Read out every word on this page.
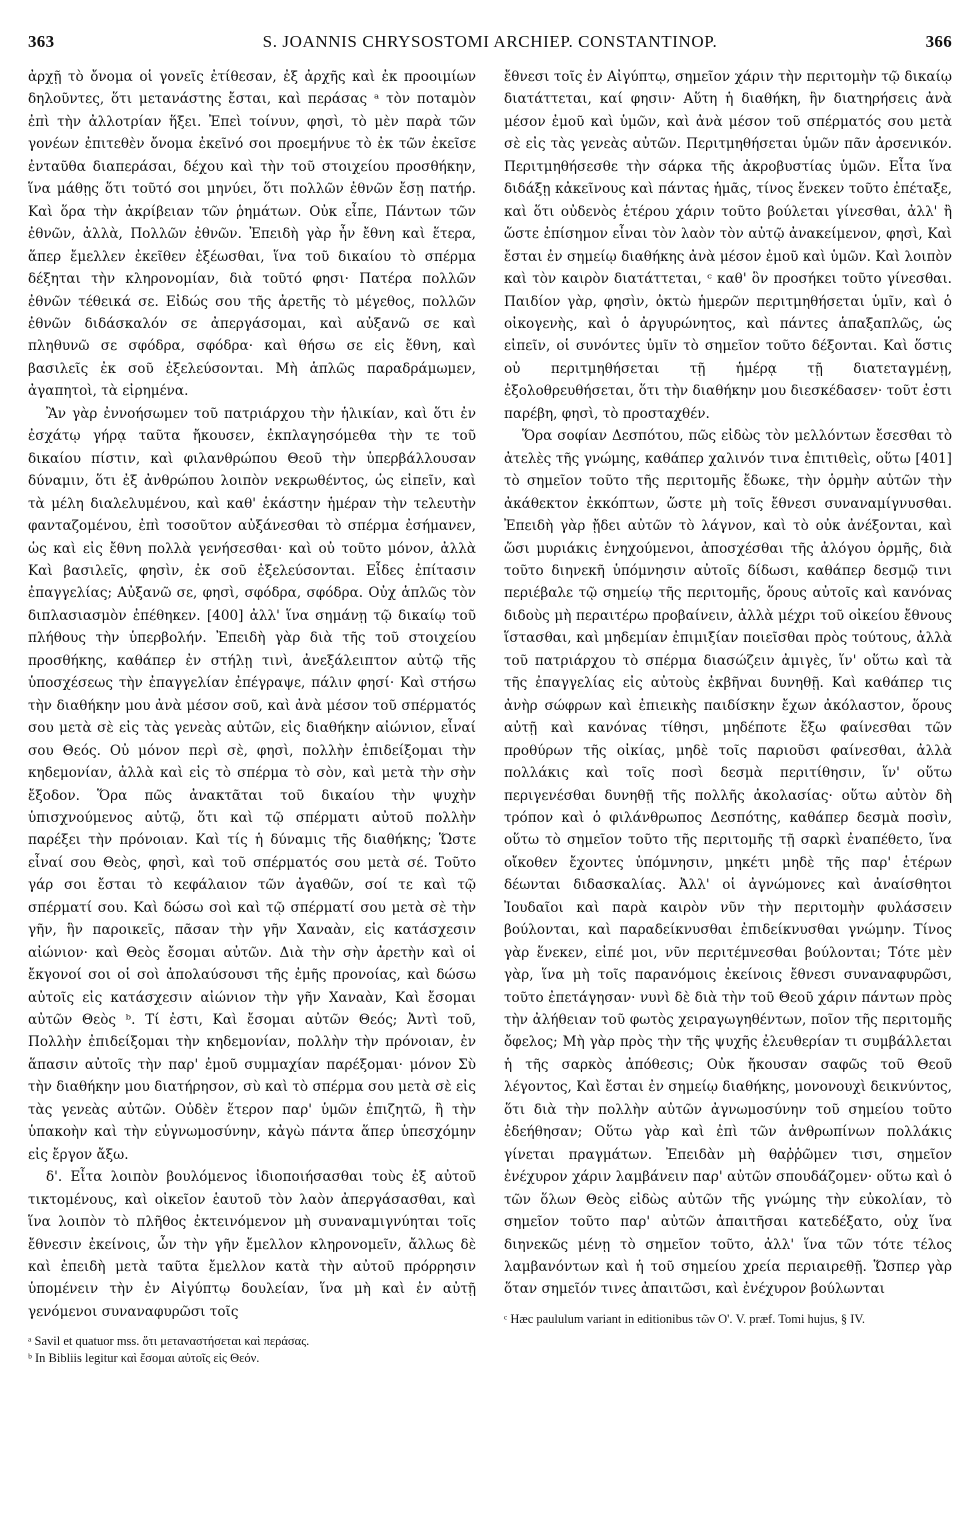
363	S. JOANNIS CHRYSOSTOMI ARCHIEP. CONSTANTINOP.	366

ἀρχῇ τὸ ὄνομα οἱ γονεῖς ἐτίθεσαν, ἐξ ἀρχῆς καὶ ἐκ προοιμίων δηλοῦντες, ὅτι μετανάστης ἔσται, καὶ περάσας ᵃ τὸν ποταμὸν ἐπὶ τὴν ἀλλοτρίαν ἥξει. Ἐπεὶ τοίνυν, φησὶ, τὸ μὲν παρὰ τῶν γονέων ἐπιτεθὲν ὄνομα ἐκεῖνό σοι προεμήνυε τὸ ἐκ τῶν ἐκεῖσε ἐνταῦθα διαπεράσαι, δέχου καὶ τὴν τοῦ στοιχείου προσθήκην, ἵνα μάθῃς ὅτι τοῦτό σοι μηνύει, ὅτι πολλῶν ἐθνῶν ἔσῃ πατήρ. Καὶ ὅρα τὴν ἀκρίβειαν τῶν ῥημάτων. Οὐκ εἶπε, Πάντων τῶν ἐθνῶν, ἀλλὰ, Πολλῶν ἐθνῶν. Ἐπειδὴ γὰρ ἦν ἔθνη καὶ ἕτερα, ἅπερ ἔμελλεν ἐκεῖθεν ἐξέωσθαι, ἵνα τοῦ δικαίου τὸ σπέρμα δέξηται τὴν κληρονομίαν, διὰ τοῦτό φησι· Πατέρα πολλῶν ἐθνῶν τέθεικά σε. Εἰδώς σου τῆς ἀρετῆς τὸ μέγεθος, πολλῶν ἐθνῶν διδάσκαλόν σε ἀπεργάσομαι, καὶ αὐξανῶ σε καὶ πληθυνῶ σε σφόδρα, σφόδρα· καὶ θήσω σε εἰς ἔθνη, καὶ βασιλεῖς ἐκ σοῦ ἐξελεύσονται. Μὴ ἁπλῶς παραδράμωμεν, ἀγαπητοὶ, τὰ εἰρημένα.

Ἂν γὰρ ἐννοήσωμεν τοῦ πατριάρχου τὴν ἡλικίαν, καὶ ὅτι ἐν ἐσχάτῳ γήρᾳ ταῦτα ἤκουσεν, ἐκπλαγησόμεθα τὴν τε τοῦ δικαίου πίστιν, καὶ φιλανθρώπου Θεοῦ τὴν ὑπερβάλλουσαν δύναμιν, ὅτι ἐξ ἀνθρώπου λοιπὸν νεκρωθέντος, ὡς εἰπεῖν, καὶ τὰ μέλη διαλελυμένου, καὶ καθ' ἑκάστην ἡμέραν τὴν τελευτὴν φανταζομένου, ἐπὶ τοσοῦτον αὐξάνεσθαι τὸ σπέρμα ἐσήμανεν, ὡς καὶ εἰς ἔθνη πολλὰ γενήσεσθαι· καὶ οὐ τοῦτο μόνον, ἀλλὰ Καὶ βασιλεῖς, φησὶν, ἐκ σοῦ ἐξελεύσονται. Εἶδες ἐπίτασιν ἐπαγγελίας; Αὐξανῶ σε, φησὶ, σφόδρα, σφόδρα. Οὐχ ἁπλῶς τὸν διπλασιασμὸν ἐπέθηκεν. [400] ἀλλ' ἵνα σημάνῃ τῷ δικαίῳ τοῦ πλήθους τὴν ὑπερβολήν. Ἐπειδὴ γὰρ διὰ τῆς τοῦ στοιχείου προσθήκης, καθάπερ ἐν στήλῃ τινὶ, ἀνεξάλειπτον αὐτῷ τῆς ὑποσχέσεως τὴν ἐπαγγελίαν ἐπέγραψε, πάλιν φησί· Καὶ στήσω τὴν διαθήκην μου ἀνὰ μέσον σοῦ, καὶ ἀνὰ μέσον τοῦ σπέρματός σου μετὰ σὲ εἰς τὰς γενεὰς αὐτῶν, εἰς διαθήκην αἰώνιον, εἶναί σου Θεός. Οὐ μόνον περὶ σὲ, φησὶ, πολλὴν ἐπιδείξομαι τὴν κηδεμονίαν, ἀλλὰ καὶ εἰς τὸ σπέρμα τὸ σὸν, καὶ μετὰ τὴν σὴν ἔξοδον. Ὅρα πῶς ἀνακτᾶται τοῦ δικαίου τὴν ψυχὴν ὑπισχνούμενος αὐτῷ, ὅτι καὶ τῷ σπέρματι αὐτοῦ πολλὴν παρέξει τὴν πρόνοιαν. Καὶ τίς ἡ δύναμις τῆς διαθήκης; Ὥστε εἶναί σου Θεὸς, φησὶ, καὶ τοῦ σπέρματός σου μετὰ σέ. Τοῦτο γάρ σοι ἔσται τὸ κεφάλαιον τῶν ἀγαθῶν, σοί τε καὶ τῷ σπέρματί σου. Καὶ δώσω σοὶ καὶ τῷ σπέρματί σου μετὰ σὲ τὴν γῆν, ἣν παροικεῖς, πᾶσαν τὴν γῆν Χαναὰν, εἰς κατάσχεσιν αἰώνιον· καὶ Θεὸς ἔσομαι αὐτῶν. Διὰ τὴν σὴν ἀρετὴν καὶ οἱ ἔκγονοί σοι οἱ σοὶ ἀπολαύσουσι τῆς ἐμῆς προνοίας, καὶ δώσω αὐτοῖς εἰς κατάσχεσιν αἰώνιον τὴν γῆν Χαναὰν, Καὶ ἔσομαι αὐτῶν Θεὸς ᵇ. Τί ἐστι, Καὶ ἔσομαι αὐτῶν Θεός; Ἀντὶ τοῦ, Πολλὴν ἐπιδείξομαι τὴν κηδεμονίαν, πολλὴν τὴν πρόνοιαν, ἐν ἅπασιν αὐτοῖς τὴν παρ' ἐμοῦ συμμαχίαν παρέξομαι· μόνον Σὺ τὴν διαθήκην μου διατήρησον, σὺ καὶ τὸ σπέρμα σου μετὰ σὲ εἰς τὰς γενεὰς αὐτῶν. Οὐδὲν ἕτερον παρ' ὑμῶν ἐπιζητῶ, ἢ τὴν ὑπακοὴν καὶ τὴν εὐγνωμοσύνην, κἀγὼ πάντα ἅπερ ὑπεσχόμην εἰς ἔργον ἄξω.

δ'. Εἶτα λοιπὸν βουλόμενος ἰδιοποιήσασθαι τοὺς ἐξ αὐτοῦ τικτομένους, καὶ οἰκεῖον ἑαυτοῦ τὸν λαὸν ἀπεργάσασθαι, καὶ ἵνα λοιπὸν τὸ πλῆθος ἐκτεινόμενον μὴ συναναμιγνύηται τοῖς ἔθνεσιν ἐκείνοις, ὧν τὴν γῆν ἔμελλον κληρονομεῖν, ἄλλως δὲ καὶ ἐπειδὴ μετὰ ταῦτα ἔμελλον κατὰ τὴν αὐτοῦ πρόρρησιν ὑπομένειν τὴν ἐν Αἰγύπτῳ δουλείαν, ἵνα μὴ καὶ ἐν αὐτῇ γενόμενοι συναναφυρῶσι τοῖς

ᵃ Savil et quatuor mss. ὅτι μεταναστήσεται καὶ περάσας.
ᵇ In Bibliis legitur καὶ ἔσομαι αὐτοῖς εἰς Θεόν.

ἔθνεσι τοῖς ἐν Αἰγύπτῳ, σημεῖον χάριν τὴν περιτομὴν τῷ δικαίῳ διατάττεται, καί φησιν· Αὕτη ἡ διαθήκη, ἣν διατηρήσεις ἀνὰ μέσον ἐμοῦ καὶ ὑμῶν, καὶ ἀνὰ μέσον τοῦ σπέρματός σου μετὰ σὲ εἰς τὰς γενεὰς αὐτῶν. Περιτμηθήσεται ὑμῶν πᾶν ἀρσενικόν. Περιτμηθήσεσθε τὴν σάρκα τῆς ἀκροβυστίας ὑμῶν. Εἶτα ἵνα διδάξῃ κἀκεῖνους καὶ πάντας ἡμᾶς, τίνος ἕνεκεν τοῦτο ἐπέταξε, καὶ ὅτι οὐδενὸς ἑτέρου χάριν τοῦτο βούλεται γίνεσθαι, ἀλλ' ἢ ὥστε ἐπίσημον εἶναι τὸν λαὸν τὸν αὐτῷ ἀνακείμενον, φησὶ, Καὶ ἔσται ἐν σημείῳ διαθήκης ἀνὰ μέσον ἐμοῦ καὶ ὑμῶν. Καὶ λοιπὸν καὶ τὸν καιρὸν διατάττεται, ᶜ καθ' ὃν προσήκει τοῦτο γίνεσθαι. Παιδίον γὰρ, φησὶν, ὀκτὼ ἡμερῶν περιτμηθήσεται ὑμῖν, καὶ ὁ οἰκογενὴς, καὶ ὁ ἀργυρώνητος, καὶ πάντες ἁπαξαπλῶς, ὡς εἰπεῖν, οἱ συνόντες ὑμῖν τὸ σημεῖον τοῦτο δέξονται. Καὶ ὅστις οὐ περιτμηθήσεται τῇ ἡμέρᾳ τῇ διατεταγμένῃ, ἐξολοθρευθήσεται, ὅτι τὴν διαθήκην μου διεσκέδασεν· τοῦτ ἐστι παρέβη, φησὶ, τὸ προσταχθέν.

Ὅρα σοφίαν Δεσπότου, πῶς εἰδὼς τὸν μελλόντων ἔσεσθαι τὸ ἀτελὲς τῆς γνώμης, καθάπερ χαλινόν τινα ἐπιτιθεὶς, οὕτω [401] τὸ σημεῖον τοῦτο τῆς περιτομῆς ἔδωκε, τὴν ὁρμὴν αὐτῶν τὴν ἀκάθεκτον ἐκκόπτων, ὥστε μὴ τοῖς ἔθνεσι συναναμίγνυσθαι. Ἐπειδὴ γὰρ ᾔδει αὐτῶν τὸ λάγνον, καὶ τὸ οὐκ ἀνέξονται, καὶ ὥσι μυριάκις ἐνηχούμενοι, ἀποσχέσθαι τῆς ἀλόγου ὁρμῆς, διὰ τοῦτο διηνεκῆ ὑπόμνησιν αὐτοῖς δίδωσι, καθάπερ δεσμῷ τινι περιέβαλε τῷ σημείῳ τῆς περιτομῆς, ὅρους αὐτοῖς καὶ κανόνας διδοὺς μὴ περαιτέρω προβαίνειν, ἀλλὰ μέχρι τοῦ οἰκείου ἔθνους ἵστασθαι, καὶ μηδεμίαν ἐπιμιξίαν ποιεῖσθαι πρὸς τούτους, ἀλλὰ τοῦ πατριάρχου τὸ σπέρμα διασώζειν ἀμιγὲς, ἵν' οὕτω καὶ τὰ τῆς ἐπαγγελίας εἰς αὐτοὺς ἐκβῆναι δυνηθῇ. Καὶ καθάπερ τις ἀνὴρ σώφρων καὶ ἐπιεικὴς παιδίσκην ἔχων ἀκόλαστον, ὅρους αὐτῇ καὶ κανόνας τίθησι, μηδέποτε ἔξω φαίνεσθαι τῶν προθύρων τῆς οἰκίας, μηδὲ τοῖς παριοῦσι φαίνεσθαι, ἀλλὰ πολλάκις καὶ τοῖς ποσὶ δεσμὰ περιτίθησιν, ἵν' οὕτω περιγενέσθαι δυνηθῇ τῆς πολλῆς ἀκολασίας· οὕτω αὐτὸν δὴ τρόπον καὶ ὁ φιλάνθρωπος Δεσπότης, καθάπερ δεσμὰ ποσὶν, οὕτω τὸ σημεῖον τοῦτο τῆς περιτομῆς τῇ σαρκὶ ἐναπέθετο, ἵνα οἴκοθεν ἔχοντες ὑπόμνησιν, μηκέτι μηδὲ τῆς παρ' ἑτέρων δέωνται διδασκαλίας. Ἀλλ' οἱ ἀγνώμονες καὶ ἀναίσθητοι Ἰουδαῖοι καὶ παρὰ καιρὸν νῦν τὴν περιτομὴν φυλάσσειν βούλονται, καὶ παραδείκνυσθαι ἐπιδείκνυσθαι γνώμην. Τίνος γὰρ ἕνεκεν, εἰπέ μοι, νῦν περιτέμνεσθαι βούλονται; Τότε μὲν γὰρ, ἵνα μὴ τοῖς παρανόμοις ἐκείνοις ἔθνεσι συναναφυρῶσι, τοῦτο ἐπετάγησαν· νυνὶ δὲ διὰ τὴν τοῦ Θεοῦ χάριν πάντων πρὸς τὴν ἀλήθειαν τοῦ φωτὸς χειραγωγηθέντων, ποῖον τῆς περιτομῆς ὄφελος; Μὴ γὰρ πρὸς τὴν τῆς ψυχῆς ἐλευθερίαν τι συμβάλλεται ἡ τῆς σαρκὸς ἀπόθεσις; Οὐκ ἤκουσαν σαφῶς τοῦ Θεοῦ λέγοντος, Καὶ ἔσται ἐν σημείῳ διαθήκης, μονονουχὶ δεικνύντος, ὅτι διὰ τὴν πολλὴν αὐτῶν ἀγνωμοσύνην τοῦ σημείου τοῦτο ἐδεήθησαν; Οὕτω γὰρ καὶ ἐπὶ τῶν ἀνθρωπίνων πολλάκις γίνεται πραγμάτων. Ἐπειδὰν μὴ θαῤῥῶμεν τισι, σημεῖον ἐνέχυρον χάριν λαμβάνειν παρ' αὐτῶν σπουδάζομεν· οὕτω καὶ ὁ τῶν ὅλων Θεὸς εἰδὼς αὐτῶν τῆς γνώμης τὴν εὐκολίαν, τὸ σημεῖον τοῦτο παρ' αὐτῶν ἀπαιτῆσαι κατεδέξατο, οὐχ ἵνα διηνεκῶς μένῃ τὸ σημεῖον τοῦτο, ἀλλ' ἵνα τῶν τότε τέλος λαμβανόντων καὶ ἡ τοῦ σημείου χρεία περιαιρεθῇ. Ὥσπερ γὰρ ὅταν σημεῖόν τινες ἀπαιτῶσι, καὶ ἐνέχυρον βούλωνται

ᶜ Hæc paululum variant in editionibus τῶν Ο'. V. præf. Tomi hujus, § IV.
